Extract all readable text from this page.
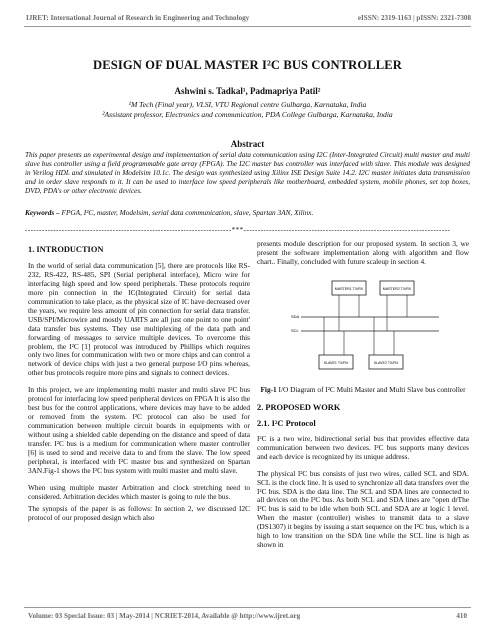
IJRET: International Journal of Research in Engineering and Technology	eISSN: 2319-1163 | pISSN: 2321-7308
DESIGN OF DUAL MASTER I²C BUS CONTROLLER
Ashwini s. Tadkal¹, Padmapriya Patil²
¹M Tech (Final year), VLSI, VTU Regional centre Gulbarga, Karnataka, India
²Assistant professor, Electronics and communication, PDA College Gulbarga, Karnataka, India
Abstract
This paper presents an experimental design and implementation of serial data communication using I2C (Inter-Integrated Circuit) multi master and multi slave bus controller using a field programmable gate array (FPGA). The I2C master bus controller was interfaced with slave. This module was designed in Verilog HDL and simulated in Modelsim 10.1c. The design was synthesized using Xilinx ISE Design Suite 14.2. I2C master initiates data transmission and in order slave responds to it. It can be used to interface low speed peripherals like motherboard, embedded system, mobile phones, set top boxes, DVD, PDA's or other electronic devices.
Keywords – FPGA, I²C, master, Modelsim, serial data communication, slave, Spartan 3AN, Xilinx.
-------------------------------------------------------------------------***-------------------------------------------------------------------------
1. INTRODUCTION

In the world of serial data communication [5], there are protocols like RS-232, RS-422, RS-485, SPI (Serial peripheral interface), Micro wire for interfacing high speed and low speed peripherals. These protocols require more pin connection in the IC(Integrated Circuit) for serial data communication to take place, as the physical size of IC have decreased over the years, we require less amount of pin connection for serial data transfer. USB/SPI/Microwire and mostly UARTS are all just one point to one point' data transfer bus systems. They use multiplexing of the data path and forwarding of messages to service multiple devices. To overcome this problem, the I²C [1] protocol was introduced by Phillips which requires only two lines for communication with two or more chips and can control a network of device chips with just a two general purpose I/O pins whereas, other bus protocols require more pins and signals to connect devices.

In this project, we are implementing multi master and multi slave I²C bus protocol for interfacing low speed peripheral devices on FPGA It is also the best bus for the control applications, where devices may have to be added or removed from the system. I²C protocol can also be used for communication between multiple circuit boards in equipments with or without using a shielded cable depending on the distance and speed of data transfer. I²C bus is a medium for communication where master controller [6] is used to send and receive data to and from the slave. The low speed peripheral, is interfaced with I²C master bus and synthesized on Spartan 3AN.Fig-1 shows the I²C bus system with multi master and multi slave.

When using multiple master Arbitration and clock stretching need to considered. Arbitration decides which master is going to rule the bus.

The synopsis of the paper is as follows: In section 2, we discussed I2C protocol of our proposed design which also

presents module description for our proposed system. In section 3, we present the software implementation along with algorithm and flow chart.. Finally, concluded with future scaleup in section 4.

MASTER1 TX/RX	MASTER2 TX/RX
SDA
SCL
SLAVE1 TX/RX	SLAVE2 TX/RX
Fig-1 I/O Diagram of I²C Multi Master and Multi Slave bus controller
2. PROPOSED WORK
2.1. I²C Protocol

I²C is a two wire, bidirectional serial bus that provides effective data communication between two devices. I²C bus supports many devices and each device is recognized by its unique address.

The physical I²C bus consists of just two wires, called SCL and SDA. SCL is the clock line. It is used to synchronize all data transfers over the I²C bus. SDA is the data line. The SCL and SDA lines are connected to all devices on the I²C bus. As both SCL and SDA lines are "open drThe I²C bus is said to be idle when both SCL and SDA are at logic 1 level. When the master (controller) wishes to transmit data to a slave (DS1307) it begins by issuing a start sequence on the I²C bus, which is a high to low transition on the SDA line while the SCL line is high as shown in

Volume: 03 Special Issue: 03 | May-2014 | NCRIET-2014, Available @ http://www.ijret.org	410
